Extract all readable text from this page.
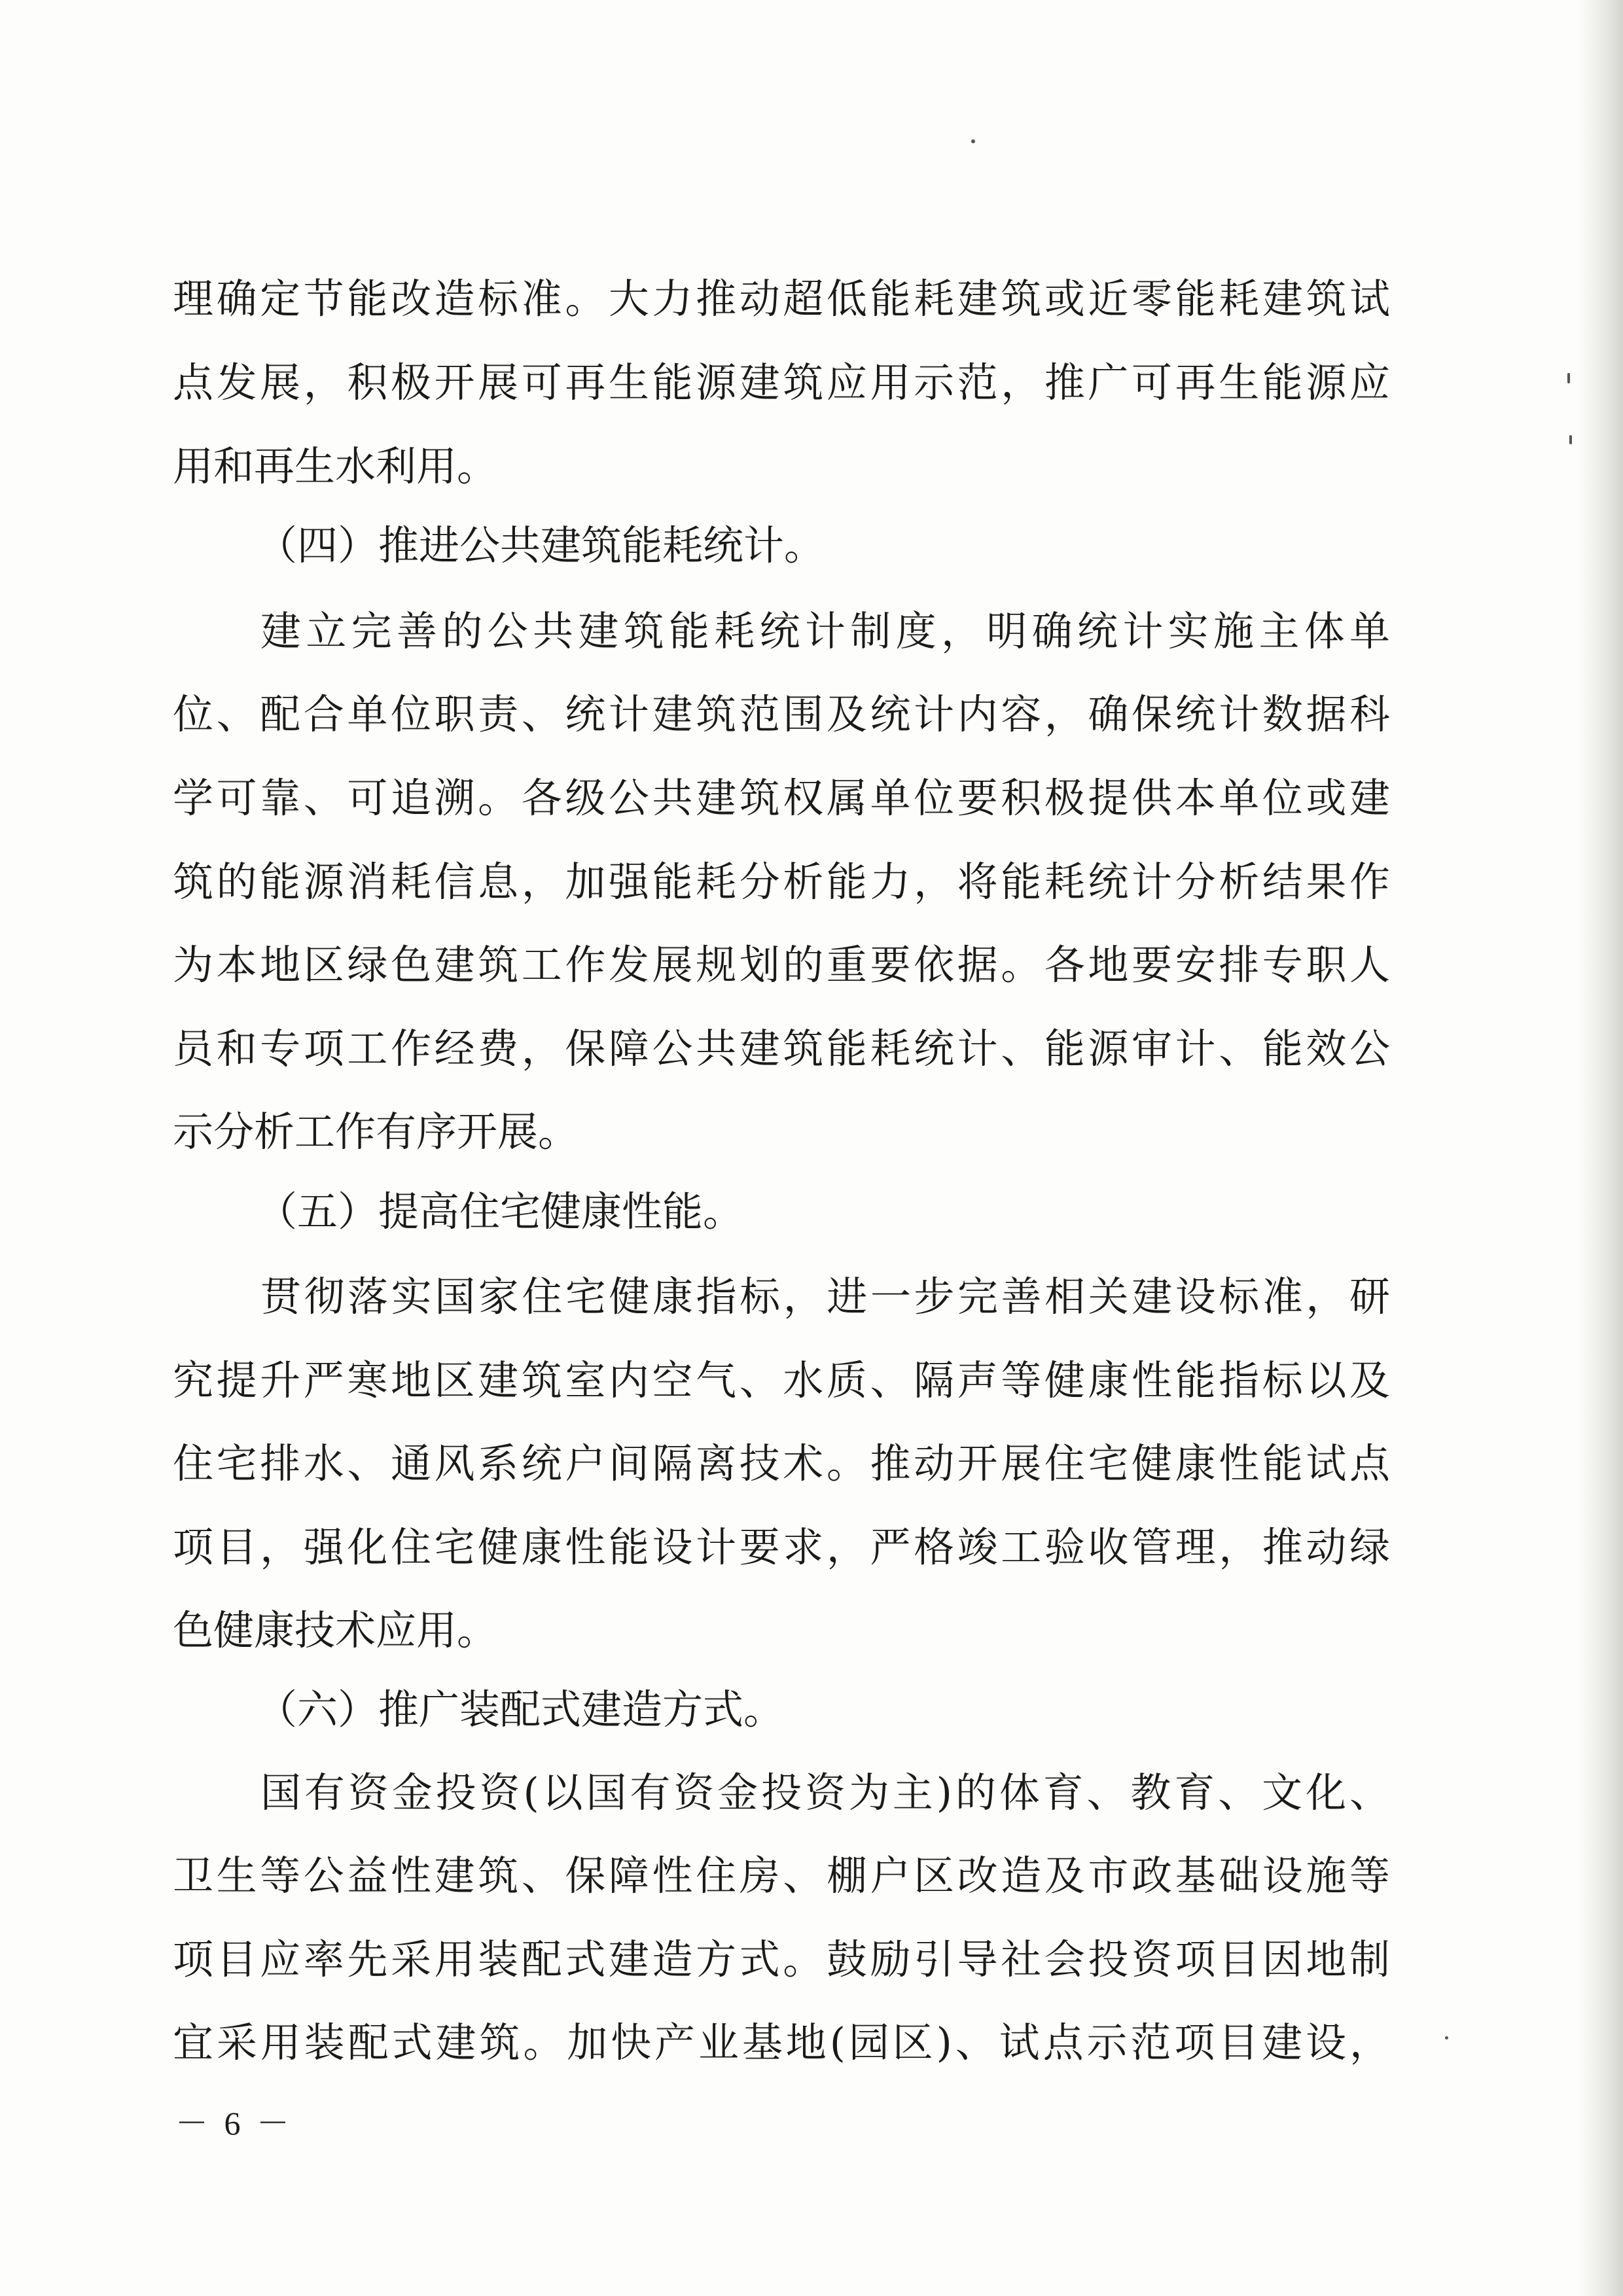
理确定节能改造标准。大力推动超低能耗建筑或近零能耗建筑试
点发展，积极开展可再生能源建筑应用示范，推广可再生能源应
用和再生水利用。
（四）推进公共建筑能耗统计。
建立完善的公共建筑能耗统计制度，明确统计实施主体单
位、配合单位职责、统计建筑范围及统计内容，确保统计数据科
学可靠、可追溯。各级公共建筑权属单位要积极提供本单位或建
筑的能源消耗信息，加强能耗分析能力，将能耗统计分析结果作
为本地区绿色建筑工作发展规划的重要依据。各地要安排专职人
员和专项工作经费，保障公共建筑能耗统计、能源审计、能效公
示分析工作有序开展。
（五）提高住宅健康性能。
贯彻落实国家住宅健康指标，进一步完善相关建设标准，研
究提升严寒地区建筑室内空气、水质、隔声等健康性能指标以及
住宅排水、通风系统户间隔离技术。推动开展住宅健康性能试点
项目，强化住宅健康性能设计要求，严格竣工验收管理，推动绿
色健康技术应用。
（六）推广装配式建造方式。
国有资金投资(以国有资金投资为主)的体育、教育、文化、
卫生等公益性建筑、保障性住房、棚户区改造及市政基础设施等
项目应率先采用装配式建造方式。鼓励引导社会投资项目因地制
宜采用装配式建筑。加快产业基地(园区)、试点示范项目建设，
－ 6 －
